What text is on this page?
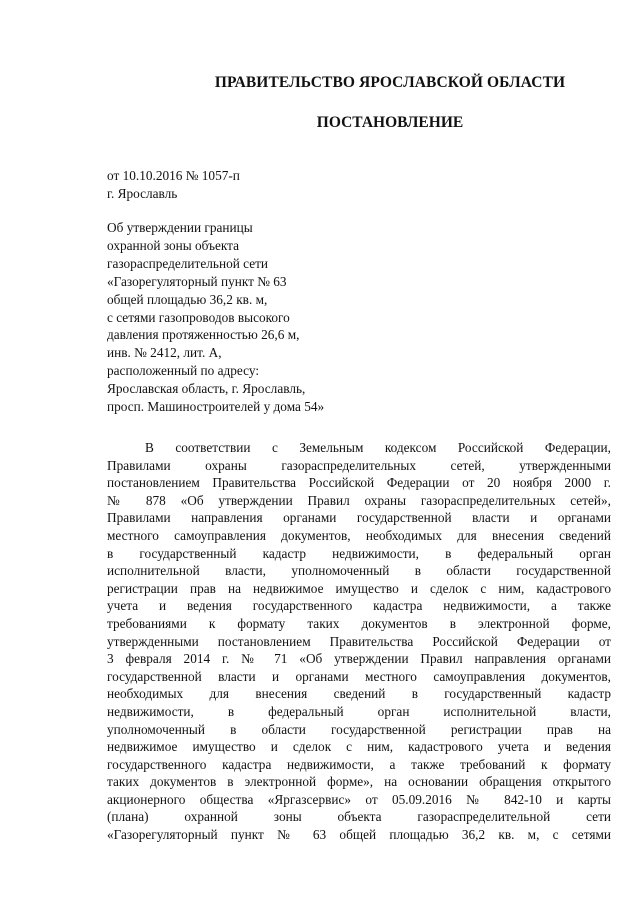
ПРАВИТЕЛЬСТВО ЯРОСЛАВСКОЙ ОБЛАСТИ
ПОСТАНОВЛЕНИЕ
от 10.10.2016 № 1057-п
г. Ярославль
Об утверждении границы
охранной зоны объекта
газораспределительной сети
«Газорегуляторный пункт № 63
общей площадью 36,2 кв. м,
с сетями газопроводов высокого
давления протяженностью 26,6 м,
инв. № 2412, лит. А,
расположенный по адресу:
Ярославская область, г. Ярославль,
просп. Машиностроителей у дома 54»
В соответствии с Земельным кодексом Российской Федерации,
Правилами охраны газораспределительных сетей, утвержденными
постановлением Правительства Российской Федерации от 20 ноября 2000 г.
№ 878 «Об утверждении Правил охраны газораспределительных сетей»,
Правилами направления органами государственной власти и органами
местного самоуправления документов, необходимых для внесения сведений
в государственный кадастр недвижимости, в федеральный орган
исполнительной власти, уполномоченный в области государственной
регистрации прав на недвижимое имущество и сделок с ним, кадастрового
учета и ведения государственного кадастра недвижимости, а также
требованиями к формату таких документов в электронной форме,
утвержденными постановлением Правительства Российской Федерации от
3 февраля 2014 г. № 71 «Об утверждении Правил направления органами
государственной власти и органами местного самоуправления документов,
необходимых для внесения сведений в государственный кадастр
недвижимости, в федеральный орган исполнительной власти,
уполномоченный в области государственной регистрации прав на
недвижимое имущество и сделок с ним, кадастрового учета и ведения
государственного кадастра недвижимости, а также требований к формату
таких документов в электронной форме», на основании обращения открытого
акционерного общества «Яргазсервис» от 05.09.2016 № 842-10 и карты
(плана) охранной зоны объекта газораспределительной сети
«Газорегуляторный пункт № 63 общей площадью 36,2 кв. м, с сетями
